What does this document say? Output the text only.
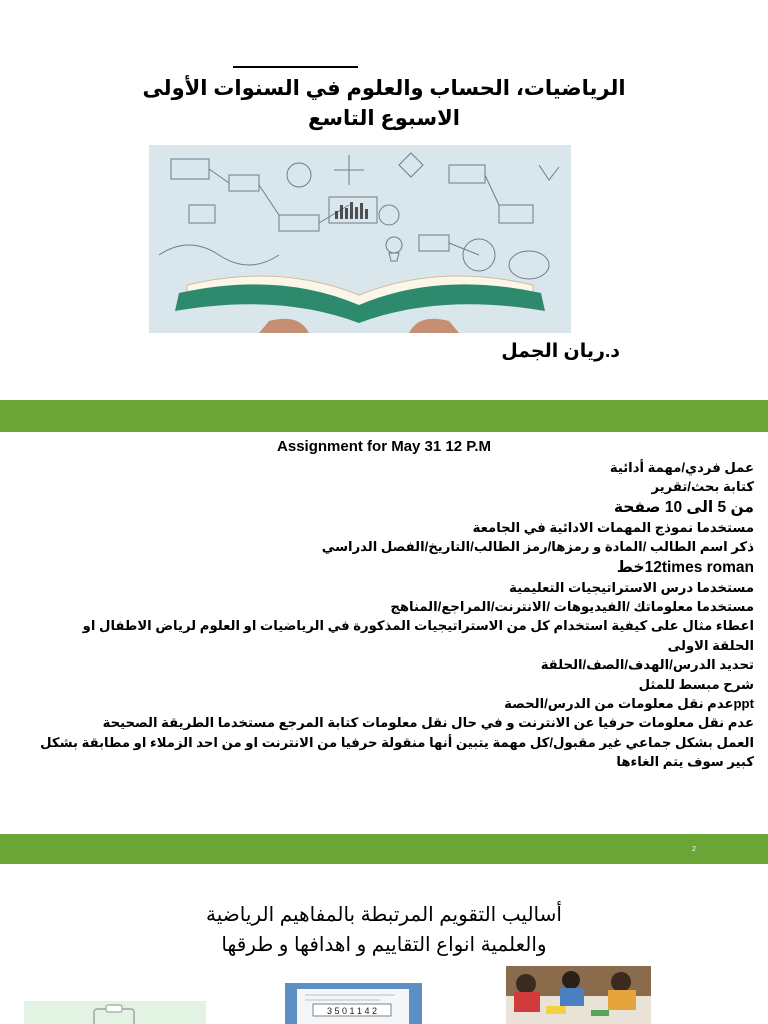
الرياضيات، الحساب والعلوم في السنوات الأولى
الاسبوع التاسع
د.ريان الجمل
Assignment for May 31 12 P.M
عمل فردي/مهمة أدائية
كتابة بحث/تقرير
من 5 الى 10 صفحة
مستخدما نموذج المهمات الادائية في الجامعة
ذكر اسم الطالب /المادة و رمزها/رمز الطالب/التاريخ/الفصل الدراسي
12times romanخط
مستخدما درس الاستراتيجيات التعليمية
مستخدما معلوماتك /الفيديوهات /الانترنت/المراجع/المناهج
اعطاء مثال على كيفية استخدام كل من الاستراتيجيات المذكورة في الرياضيات او العلوم لرياض الاطفال او الحلقة الاولى
تحديد الدرس/الهدف/الصف/الحلقة
شرح مبسط للمثل
pptعدم نقل معلومات من الدرس/الحصة
عدم نقل معلومات حرفيا عن الانترنت و في حال نقل معلومات كتابة المرجع مستخدما الطريقة الصحيحة
العمل بشكل جماعي غير مقبول/كل مهمة يتبين أنها منقولة حرفيا من الانترنت او من احد الزملاء او مطابقة بشكل كبير سوف يتم الغاءها
2
أساليب التقويم المرتبطة بالمفاهيم الرياضية
والعلمية انواع التقاييم و اهدافها و طرقها
3 5 0 1 1 4 2
